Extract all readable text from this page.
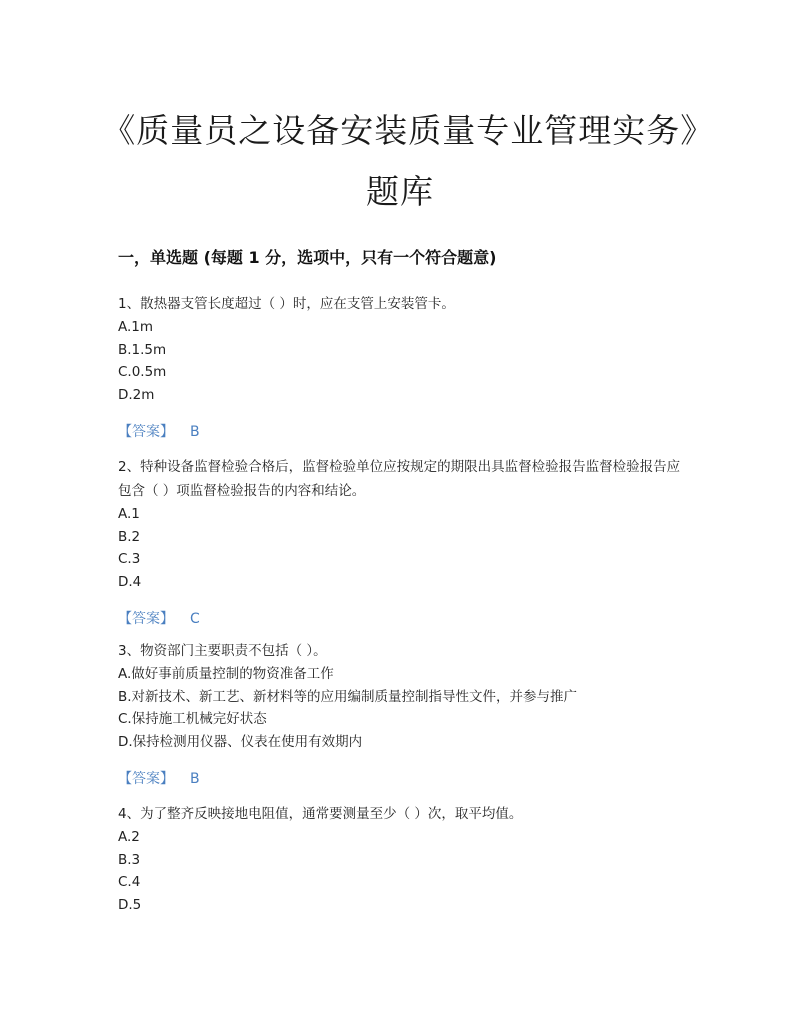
《质量员之设备安装质量专业管理实务》题库
一，单选题 (每题 1 分，选项中，只有一个符合题意)
1、散热器支管长度超过（ ）时，应在支管上安装管卡。
A.1m
B.1.5m
C.0.5m
D.2m
【答案】 B
2、特种设备监督检验合格后，监督检验单位应按规定的期限出具监督检验报告监督检验报告应包含（ ）项监督检验报告的内容和结论。
A.1
B.2
C.3
D.4
【答案】 C
3、物资部门主要职责不包括（ ）。
A.做好事前质量控制的物资准备工作
B.对新技术、新工艺、新材料等的应用编制质量控制指导性文件，并参与推广
C.保持施工机械完好状态
D.保持检测用仪器、仪表在使用有效期内
【答案】 B
4、为了整齐反映接地电阻值，通常要测量至少（ ）次，取平均值。
A.2
B.3
C.4
D.5
